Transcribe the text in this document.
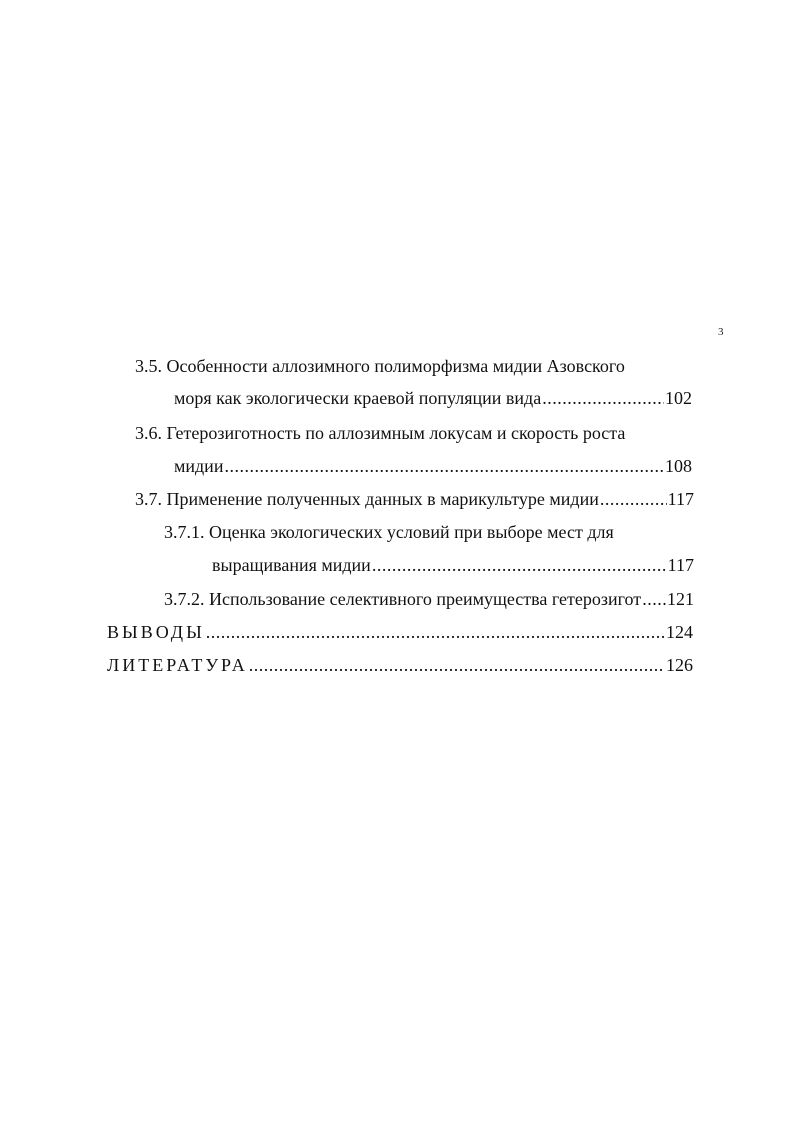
3
3.5. Особенности аллозимного полиморфизма мидии Азовского
моря как экологически краевой популяции вида .....	102
3.6. Гетерозиготность по аллозимным локусам и скорость роста
мидии .....	108
3.7. Применение полученных данных в марикультуре мидии .....	117
3.7.1. Оценка экологических условий при выборе мест для
выращивания мидии .....	117
3.7.2. Использование селективного преимущества гетерозигот ..... 121
ВЫВОДЫ .....	124
ЛИТЕРАТУРА .....	126
